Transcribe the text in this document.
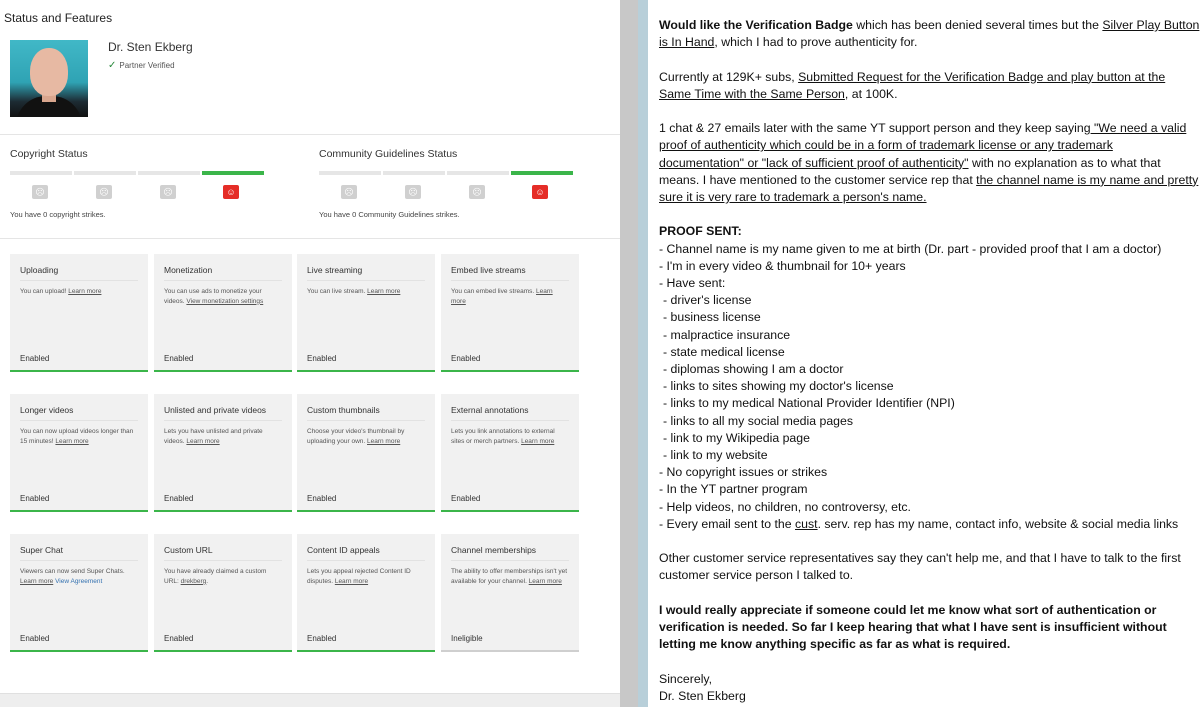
Status and Features
Dr. Sten Ekberg
✓ Partner Verified
Copyright Status
☹	☹	☹	☺
You have 0 copyright strikes.
Community Guidelines Status
☹	☹	☹	☺
You have 0 Community Guidelines strikes.
Uploading
You can upload! Learn more
Enabled
Monetization
You can use ads to monetize your videos. View monetization settings
Enabled
Live streaming
You can live stream. Learn more
Enabled
Embed live streams
You can embed live streams. Learn more
Enabled
Longer videos
You can now upload videos longer than 15 minutes! Learn more
Enabled
Unlisted and private videos
Lets you have unlisted and private videos. Learn more
Enabled
Custom thumbnails
Choose your video's thumbnail by uploading your own. Learn more
Enabled
External annotations
Lets you link annotations to external sites or merch partners. Learn more
Enabled
Super Chat
Viewers can now send Super Chats. Learn more View Agreement
Enabled
Custom URL
You have already claimed a custom URL: drekberg.
Enabled
Content ID appeals
Lets you appeal rejected Content ID disputes. Learn more
Enabled
Channel memberships
The ability to offer memberships isn't yet available for your channel. Learn more
Ineligible

Would like the Verification Badge which has been denied several times but the Silver Play Button is In Hand, which I had to prove authenticity for.

Currently at 129K+ subs, Submitted Request for the Verification Badge and play button at the Same Time with the Same Person, at 100K.

1 chat & 27 emails later with the same YT support person and they keep saying "We need a valid proof of authenticity which could be in a form of trademark license or any trademark documentation" or "lack of sufficient proof of authenticity" with no explanation as to what that means. I have mentioned to the customer service rep that the channel name is my name and pretty sure it is very rare to trademark a person's name.

PROOF SENT:
- Channel name is my name given to me at birth (Dr. part - provided proof that I am a doctor)
- I'm in every video & thumbnail for 10+ years
- Have sent:
- driver's license
- business license
- malpractice insurance
- state medical license
- diplomas showing I am a doctor
- links to sites showing my doctor's license
- links to my medical National Provider Identifier (NPI)
- links to all my social media pages
- link to my Wikipedia page
- link to my website
- No copyright issues or strikes
- In the YT partner program
- Help videos, no children, no controversy, etc.
- Every email sent to the cust. serv. rep has my name, contact info, website & social media links

Other customer service representatives say they can't help me, and that I have to talk to the first customer service person I talked to.

I would really appreciate if someone could let me know what sort of authentication or verification is needed. So far I keep hearing that what I have sent is insufficient without letting me know anything specific as far as what is required.

Sincerely,
Dr. Sten Ekberg
